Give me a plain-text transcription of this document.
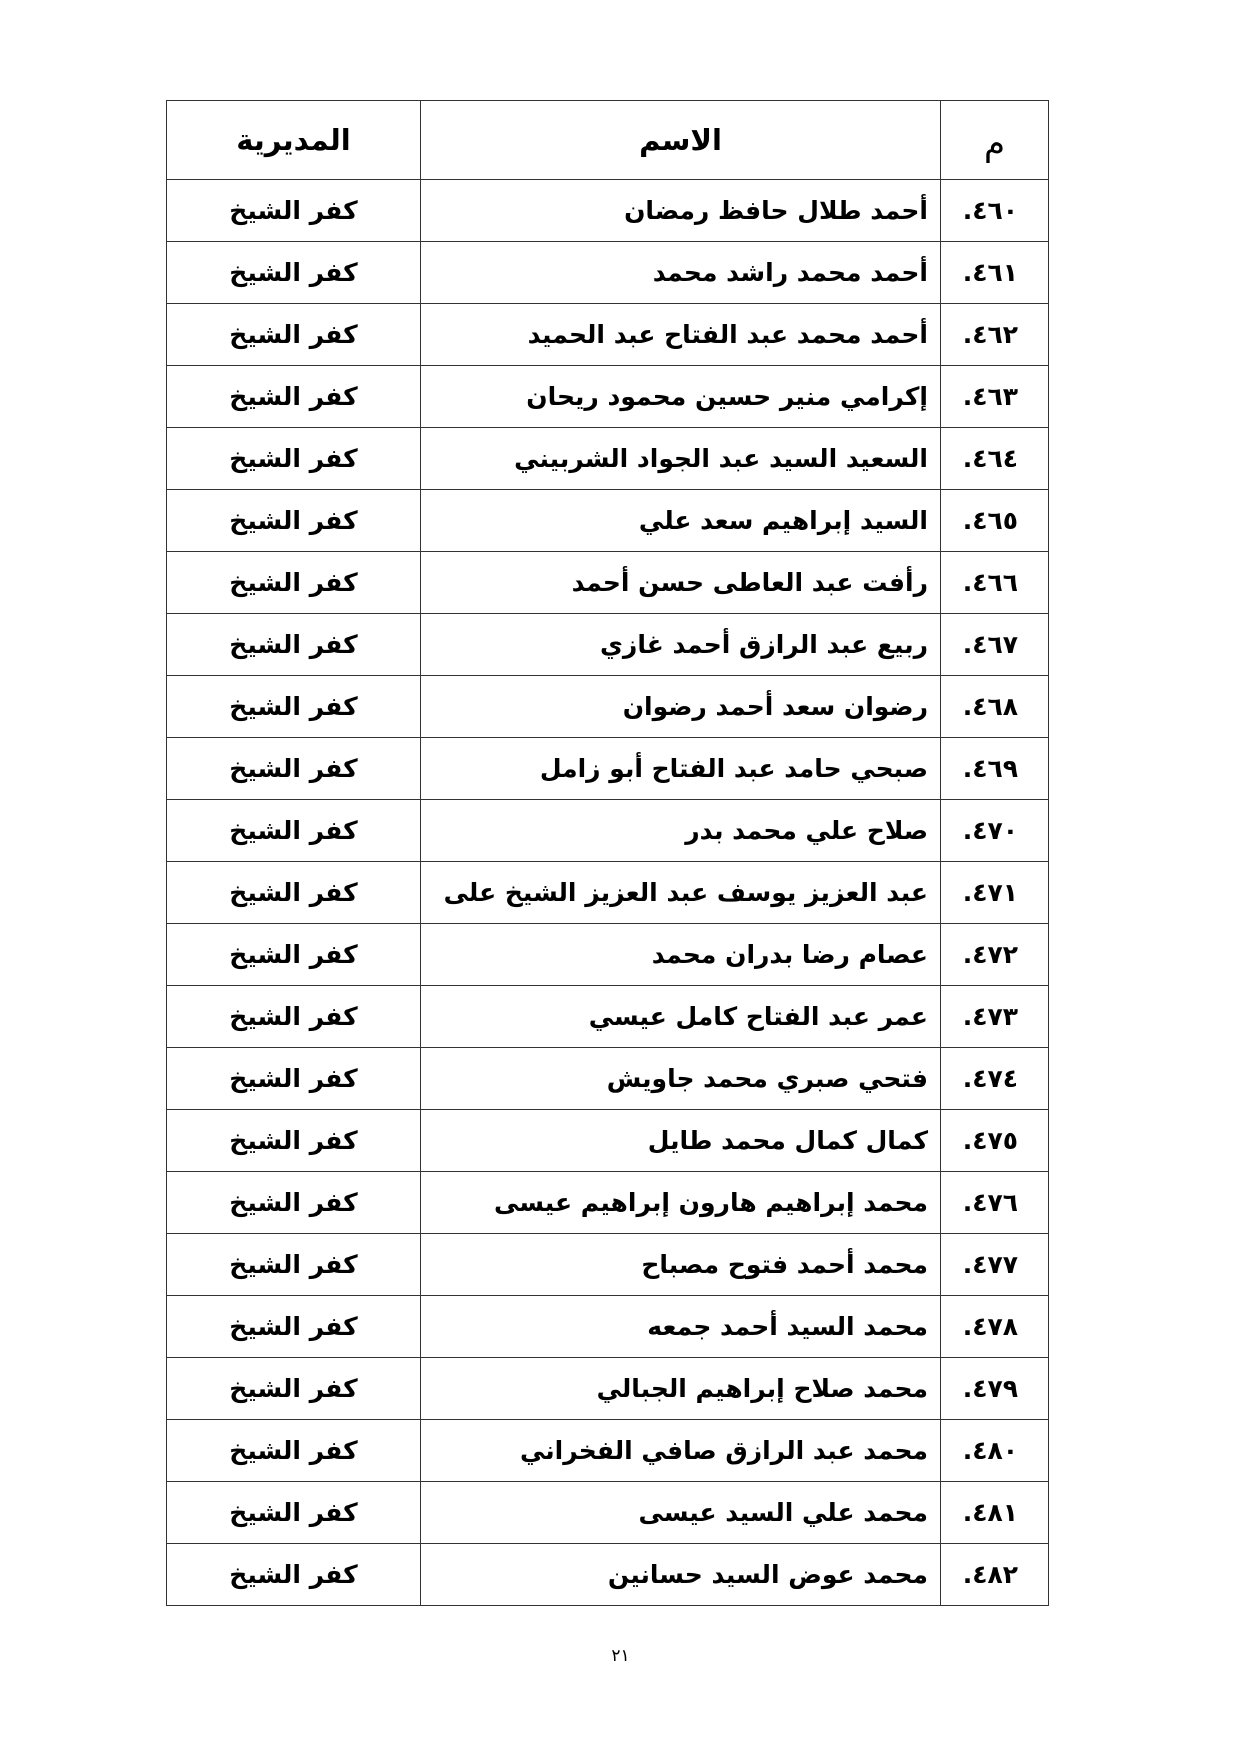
م	الاسم	المديرية
٤٦٠.	أحمد طلال حافظ رمضان	كفر الشيخ
٤٦١.	أحمد محمد راشد محمد	كفر الشيخ
٤٦٢.	أحمد محمد عبد الفتاح عبد الحميد	كفر الشيخ
٤٦٣.	إكرامي منير حسين محمود ريحان	كفر الشيخ
٤٦٤.	السعيد السيد عبد الجواد الشربيني	كفر الشيخ
٤٦٥.	السيد إبراهيم سعد علي	كفر الشيخ
٤٦٦.	رأفت عبد العاطى حسن أحمد	كفر الشيخ
٤٦٧.	ربيع عبد الرازق أحمد غازي	كفر الشيخ
٤٦٨.	رضوان سعد أحمد رضوان	كفر الشيخ
٤٦٩.	صبحي حامد عبد الفتاح أبو زامل	كفر الشيخ
٤٧٠.	صلاح علي محمد بدر	كفر الشيخ
٤٧١.	عبد العزيز يوسف عبد العزيز الشيخ على	كفر الشيخ
٤٧٢.	عصام رضا بدران محمد	كفر الشيخ
٤٧٣.	عمر عبد الفتاح كامل عيسي	كفر الشيخ
٤٧٤.	فتحي صبري محمد جاويش	كفر الشيخ
٤٧٥.	كمال كمال محمد طايل	كفر الشيخ
٤٧٦.	محمد إبراهيم هارون إبراهيم عيسى	كفر الشيخ
٤٧٧.	محمد أحمد فتوح مصباح	كفر الشيخ
٤٧٨.	محمد السيد أحمد جمعه	كفر الشيخ
٤٧٩.	محمد صلاح إبراهيم الجبالي	كفر الشيخ
٤٨٠.	محمد عبد الرازق صافي الفخراني	كفر الشيخ
٤٨١.	محمد علي السيد عيسى	كفر الشيخ
٤٨٢.	محمد عوض السيد حسانين	كفر الشيخ
٢١
